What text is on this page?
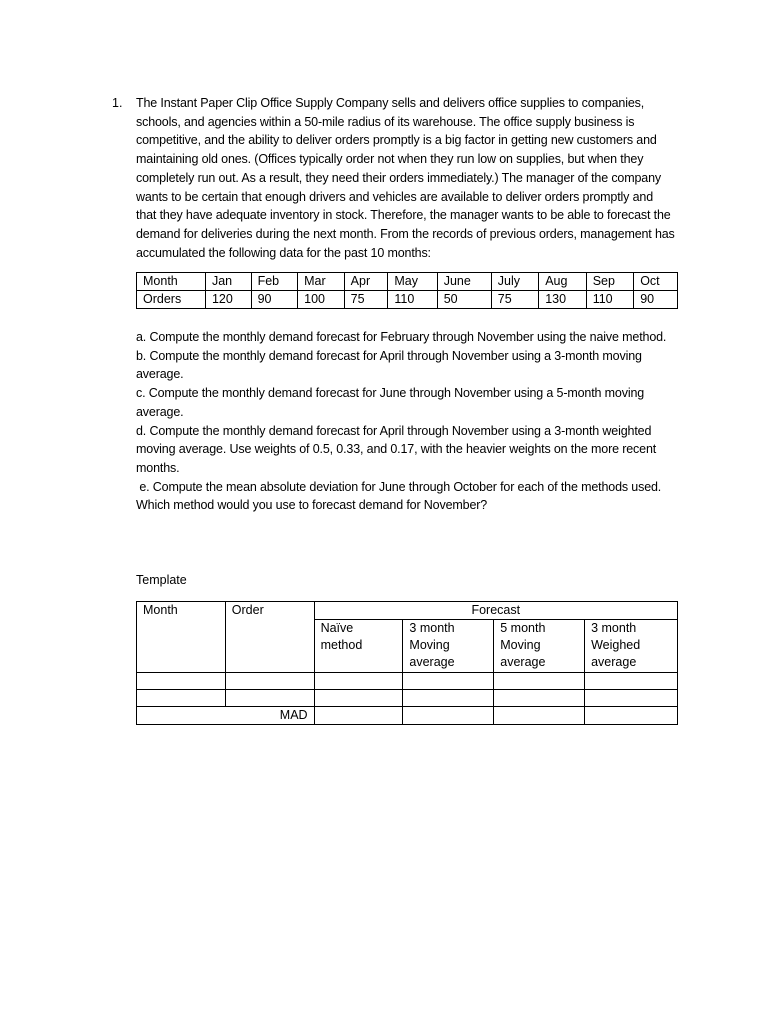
1. The Instant Paper Clip Office Supply Company sells and delivers office supplies to companies, schools, and agencies within a 50-mile radius of its warehouse. The office supply business is competitive, and the ability to deliver orders promptly is a big factor in getting new customers and maintaining old ones. (Offices typically order not when they run low on supplies, but when they completely run out. As a result, they need their orders immediately.) The manager of the company wants to be certain that enough drivers and vehicles are available to deliver orders promptly and that they have adequate inventory in stock. Therefore, the manager wants to be able to forecast the demand for deliveries during the next month. From the records of previous orders, management has accumulated the following data for the past 10 months:
Month	Jan	Feb	Mar	Apr	May	June	July	Aug	Sep	Oct
Orders	120	90	100	75	110	50	75	130	110	90

a. Compute the monthly demand forecast for February through November using the naive method.

b. Compute the monthly demand forecast for April through November using a 3-month moving average.

c. Compute the monthly demand forecast for June through November using a 5-month moving average.

d. Compute the monthly demand forecast for April through November using a 3-month weighted moving average. Use weights of 0.5, 0.33, and 0.17, with the heavier weights on the more recent months.

e. Compute the mean absolute deviation for June through October for each of the methods used. Which method would you use to forecast demand for November?

Template
Month	Order	Forecast			
		Naïve method	3 month Moving average	5 month Moving average	3 month Weighed average

MAD					
